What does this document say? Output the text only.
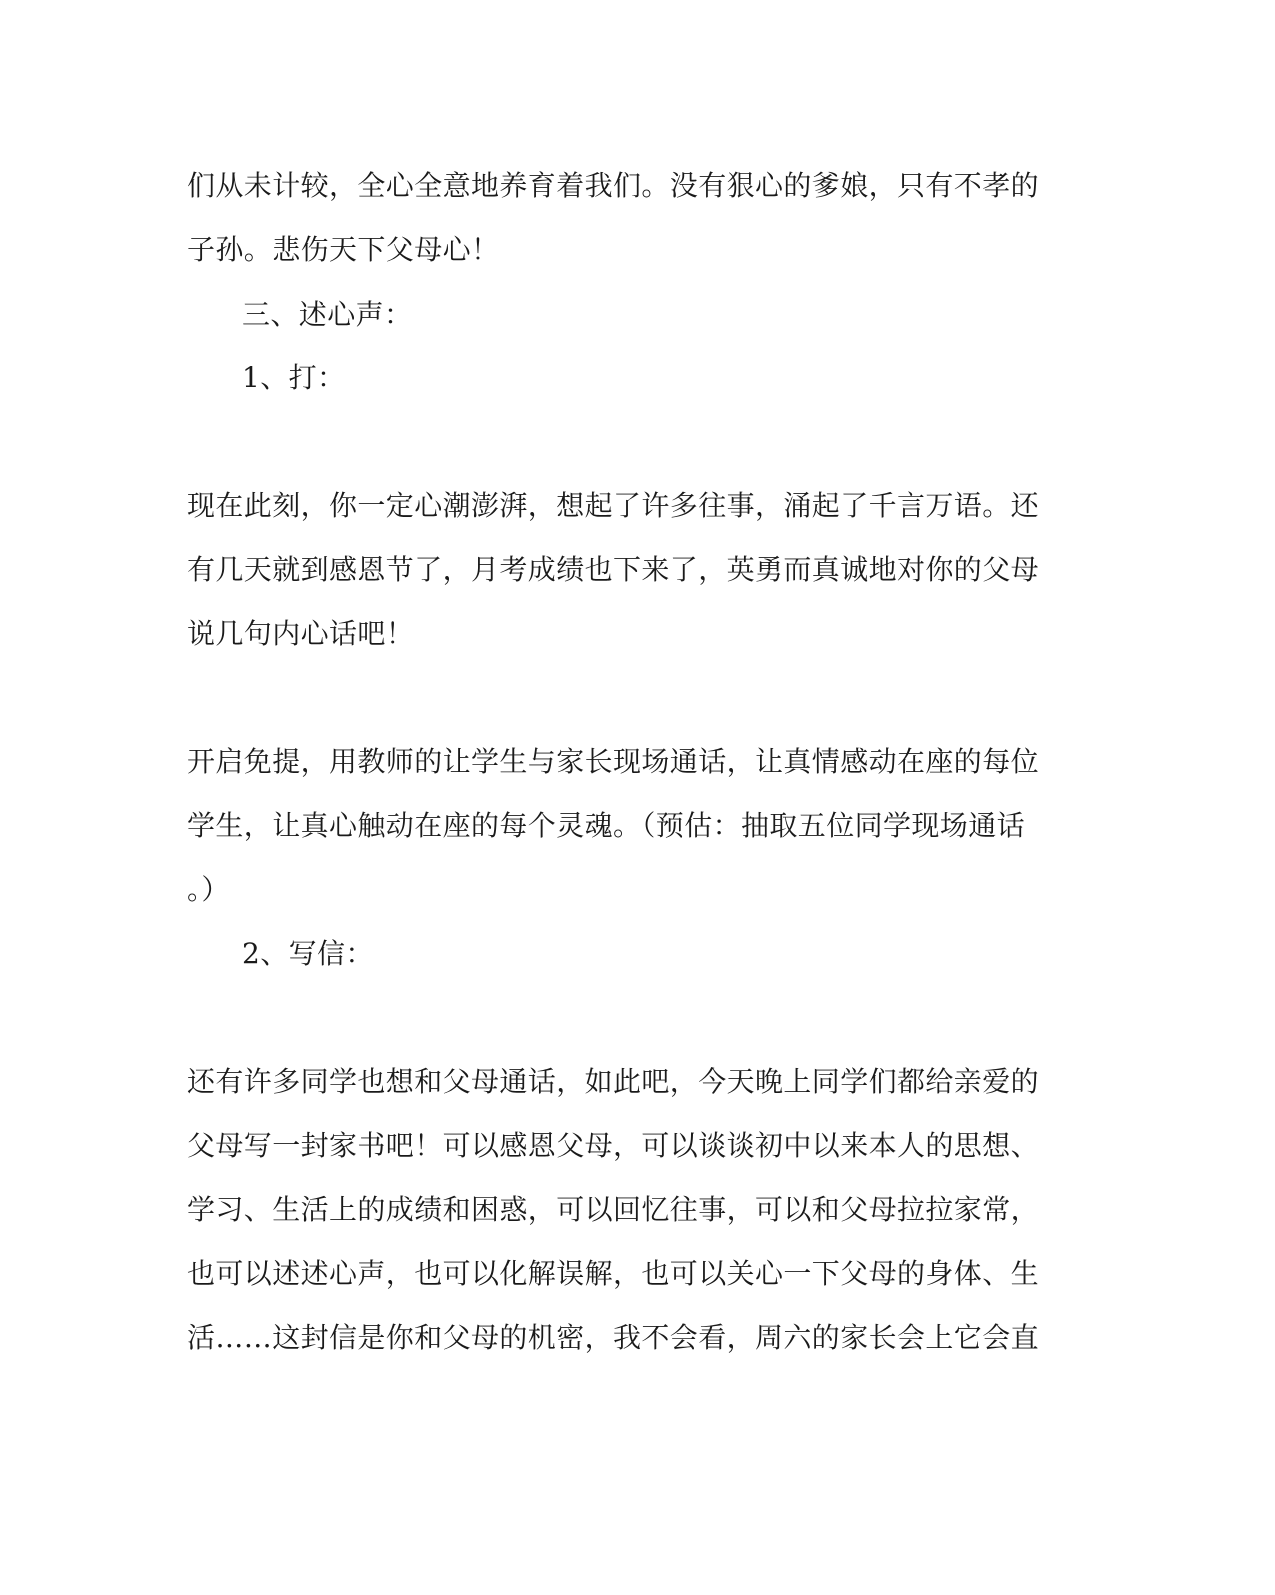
们从未计较，全心全意地养育着我们。没有狠心的爹娘，只有不孝的
子孙。悲伤天下父母心！
三、述心声：
1、打：
现在此刻，你一定心潮澎湃，想起了许多往事，涌起了千言万语。还
有几天就到感恩节了，月考成绩也下来了，英勇而真诚地对你的父母
说几句内心话吧！
开启免提，用教师的让学生与家长现场通话，让真情感动在座的每位
学生，让真心触动在座的每个灵魂。（预估：抽取五位同学现场通话
。）
2、写信：
还有许多同学也想和父母通话，如此吧，今天晚上同学们都给亲爱的
父母写一封家书吧！可以感恩父母，可以谈谈初中以来本人的思想、
学习、生活上的成绩和困惑，可以回忆往事，可以和父母拉拉家常，
也可以述述心声，也可以化解误解，也可以关心一下父母的身体、生
活……这封信是你和父母的机密，我不会看，周六的家长会上它会直
